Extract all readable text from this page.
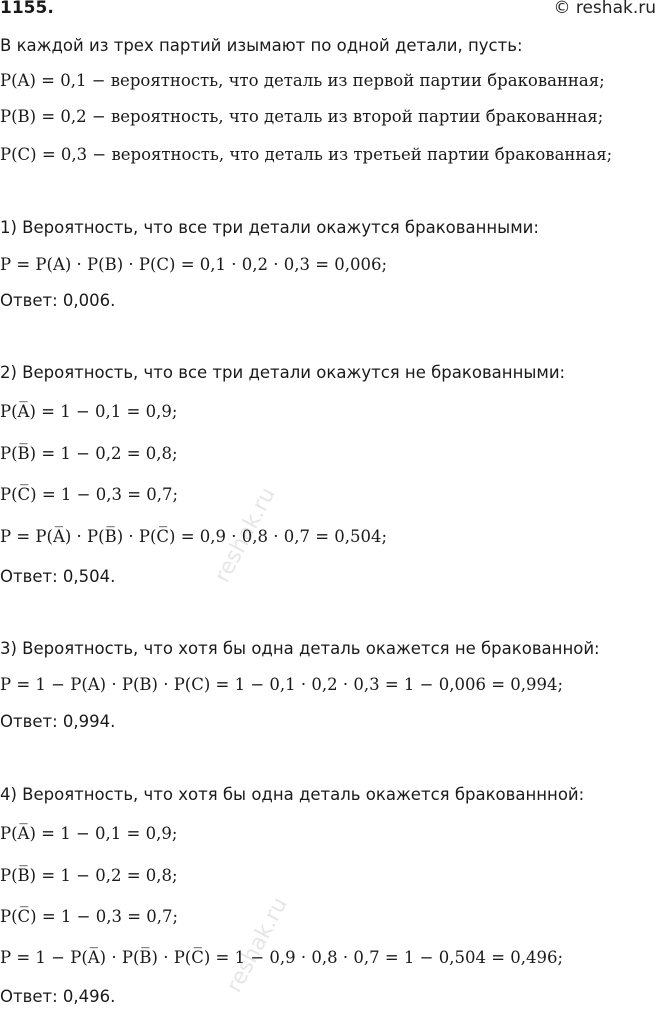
1155.	© reshak.ru
В каждой из трех партий изымают по одной детали, пусть:
P(A) = 0,1 − вероятность, что деталь из первой партии бракованная;
P(B) = 0,2 − вероятность, что деталь из второй партии бракованная;
P(C) = 0,3 − вероятность, что деталь из третьей партии бракованная;
1) Вероятность, что все три детали окажутся бракованными:
P = P(A) · P(B) · P(C) = 0,1 · 0,2 · 0,3 = 0,006;
Ответ: 0,006.
2) Вероятность, что все три детали окажутся не бракованными:
P(A̅) = 1 − 0,1 = 0,9;
P(B̅) = 1 − 0,2 = 0,8;
P(C̅) = 1 − 0,3 = 0,7;
P = P(A̅) · P(B̅) · P(C̅) = 0,9 · 0,8 · 0,7 = 0,504;
Ответ: 0,504.
3) Вероятность, что хотя бы одна деталь окажется не бракованной:
P = 1 − P(A) · P(B) · P(C) = 1 − 0,1 · 0,2 · 0,3 = 1 − 0,006 = 0,994;
Ответ: 0,994.
4) Вероятность, что хотя бы одна деталь окажется бракованнной:
P(A̅) = 1 − 0,1 = 0,9;
P(B̅) = 1 − 0,2 = 0,8;
P(C̅) = 1 − 0,3 = 0,7;
P = 1 − P(A̅) · P(B̅) · P(C̅) = 1 − 0,9 · 0,8 · 0,7 = 1 − 0,504 = 0,496;
Ответ: 0,496.
reshak.ru
reshak.ru
